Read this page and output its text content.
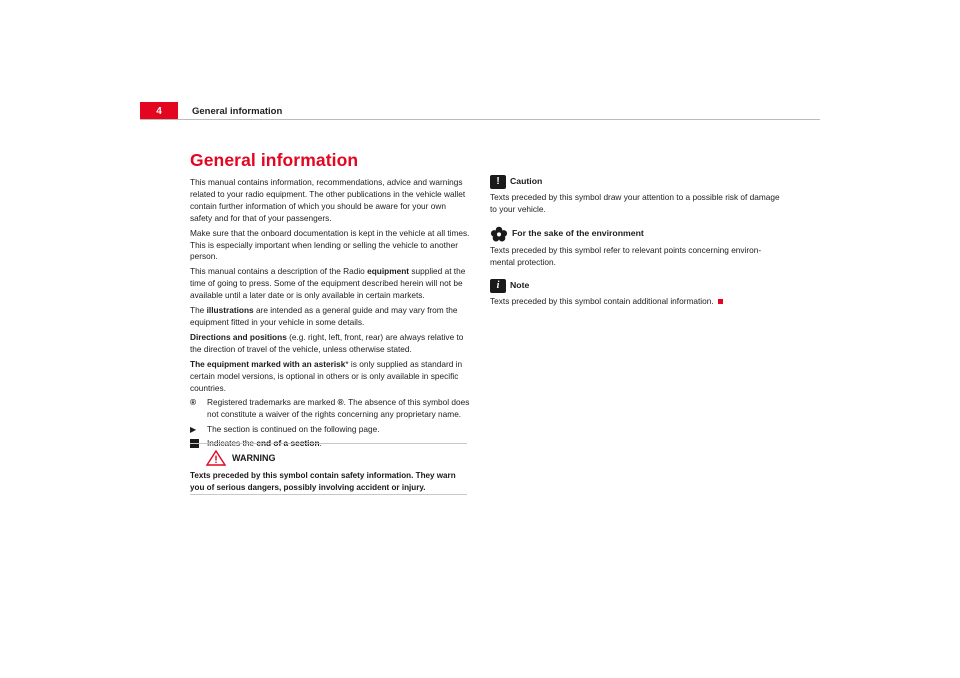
4	General information
General information

This manual contains information, recommendations, advice and warnings related to your radio equipment. The other publications in the vehicle wallet contain further information of which you should be aware for your own safety and for that of your passengers.

Make sure that the onboard documentation is kept in the vehicle at all times. This is especially important when lending or selling the vehicle to another person.

This manual contains a description of the Radio equipment supplied at the time of going to press. Some of the equipment described herein will not be available until a later date or is only available in certain markets.

The illustrations are intended as a general guide and may vary from the equipment fitted in your vehicle in some details.

Directions and positions (e.g. right, left, front, rear) are always relative to the direction of travel of the vehicle, unless otherwise stated.

The equipment marked with an asterisk* is only supplied as standard in certain model versions, is optional in others or is only available in specific countries.

®	Registered trademarks are marked ®. The absence of this symbol does not constitute a waiver of the rights concerning any proprietary name.
▶	The section is continued on the following page.
Indicates the end of a section.
WARNING
Texts preceded by this symbol contain safety information. They warn you of serious dangers, possibly involving accident or injury.
!	Caution
Texts preceded by this symbol draw your attention to a possible risk of damage to your vehicle.
For the sake of the environment
Texts preceded by this symbol refer to relevant points concerning environ-mental protection.
i	Note
Texts preceded by this symbol contain additional information.
